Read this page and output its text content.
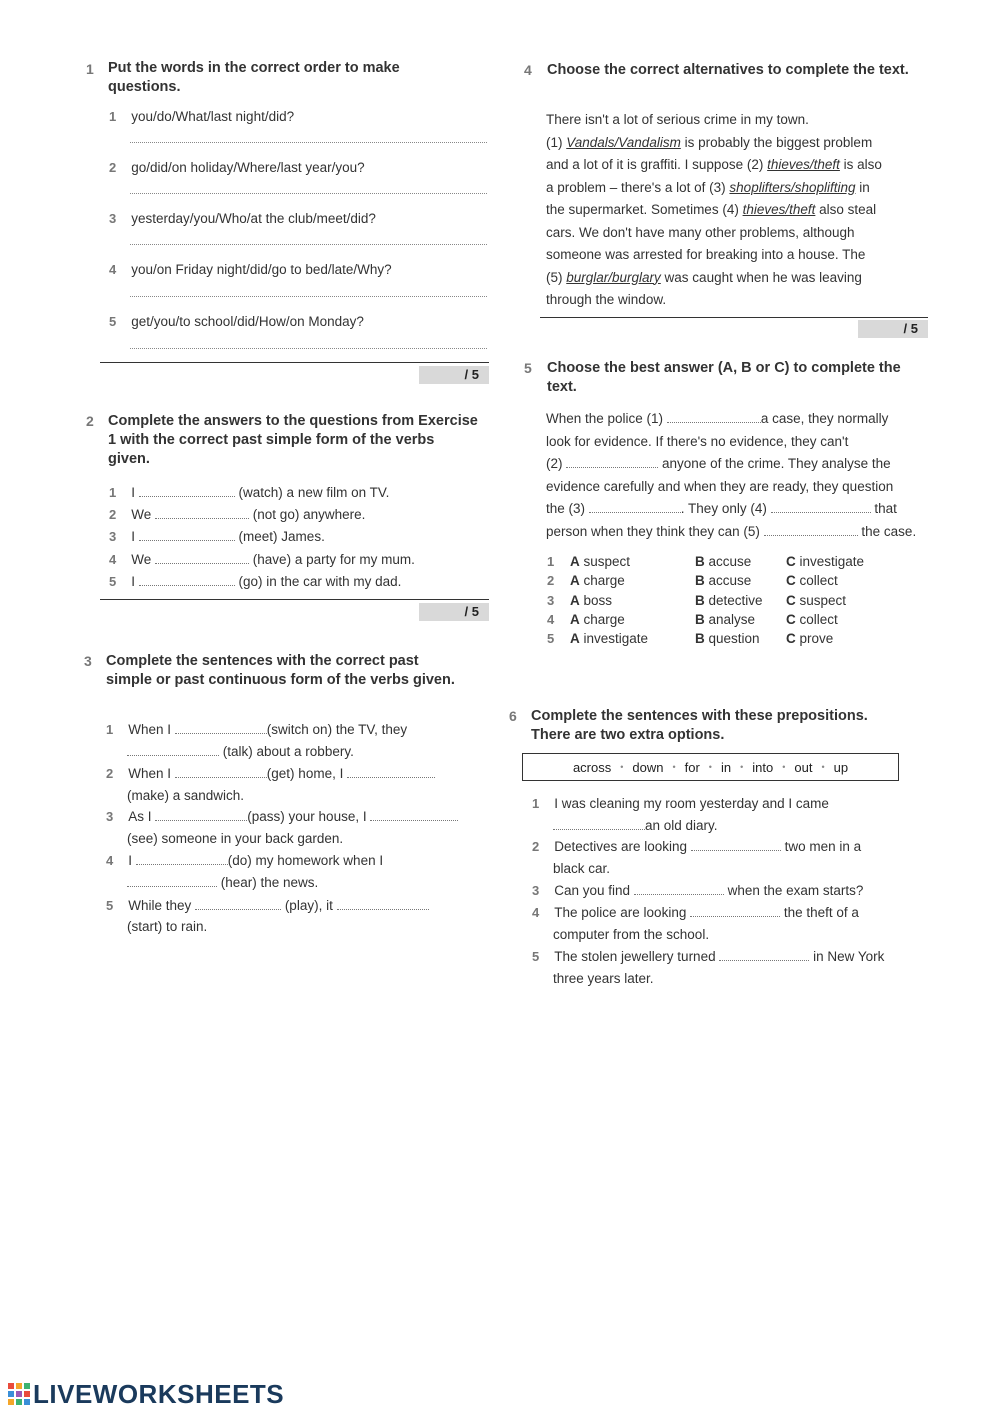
1 Put the words in the correct order to make questions.
1 you/do/What/last night/did?
2 go/did/on holiday/Where/last year/you?
3 yesterday/you/Who/at the club/meet/did?
4 you/on Friday night/did/go to bed/late/Why?
5 get/you/to school/did/How/on Monday?
/ 5
2 Complete the answers to the questions from Exercise 1 with the correct past simple form of the verbs given.
1 I	(watch) a new film on TV.
2 We	(not go) anywhere.
3 I	(meet) James.
4 We	(have) a party for my mum.
5 I	(go) in the car with my dad.
/ 5
3 Complete the sentences with the correct past simple or past continuous form of the verbs given.
1 When I	(switch on) the TV, they
(talk) about a robbery.
2 When I	(get) home, I
(make) a sandwich.
3 As I	(pass) your house, I
(see) someone in your back garden.
4 I	(do) my homework when I
(hear) the news.
5 While they	(play), it
(start) to rain.
4 Choose the correct alternatives to complete the text.
There isn't a lot of serious crime in my town.
(1) Vandals/Vandalism is probably the biggest problem
and a lot of it is graffiti. I suppose (2) thieves/theft is also
a problem – there's a lot of (3) shoplifters/shoplifting in
the supermarket. Sometimes (4) thieves/theft also steal
cars. We don't have many other problems, although
someone was arrested for breaking into a house. The
(5) burglar/burglary was caught when he was leaving
through the window.
/ 5
5 Choose the best answer (A, B or C) to complete the text.
When the police (1)	a case, they normally
look for evidence. If there's no evidence, they can't
(2)	anyone of the crime. They analyse the
evidence carefully and when they are ready, they question
the (3)	. They only (4)	that
person when they think they can (5)	the case.
1 A suspect	B accuse	C investigate
2 A charge	B accuse	C collect
3 A boss	B detective C suspect
4 A charge	B analyse C collect
5 A investigate	B question C prove
6 Complete the sentences with these prepositions. There are two extra options.
across • down • for • in • into • out • up
1 I was cleaning my room yesterday and I came
an old diary.
2 Detectives are looking	two men in a
black car.
3 Can you find	when the exam starts?
4 The police are looking	the theft of a
computer from the school.
5 The stolen jewellery turned	in New York
three years later.
LIVEWORKSHEETS
